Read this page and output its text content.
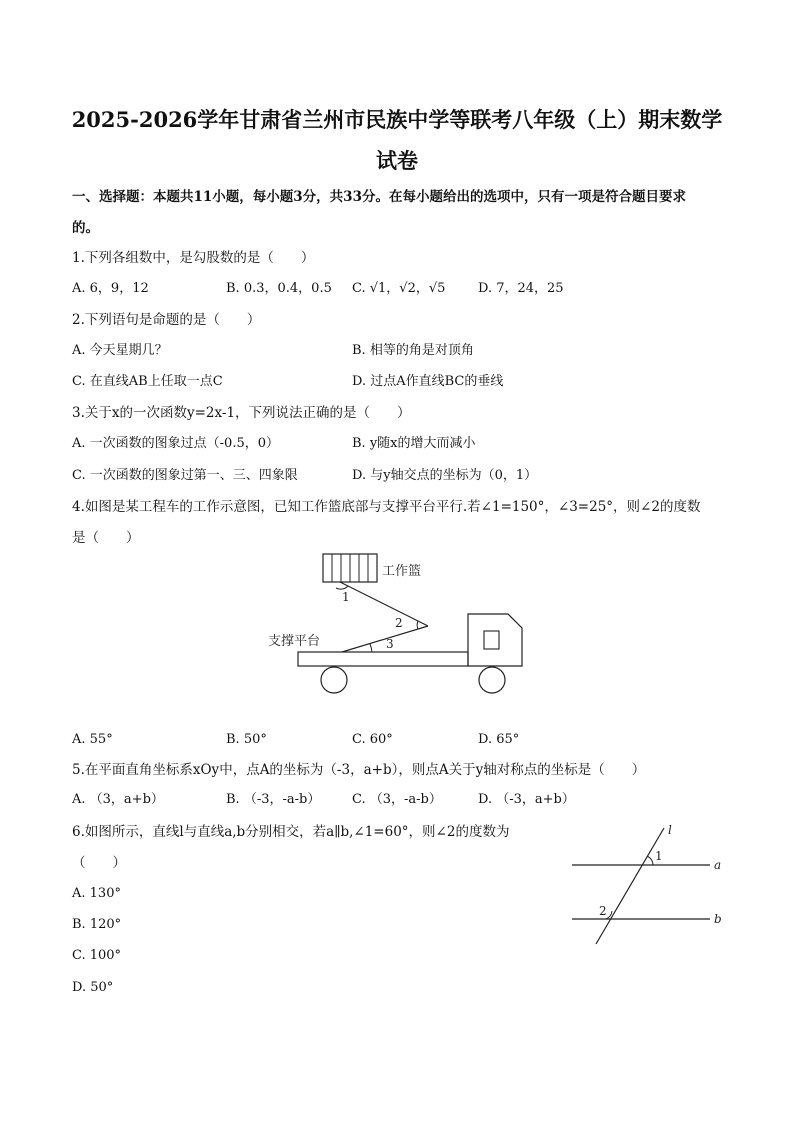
2025-2026学年甘肃省兰州市民族中学等联考八年级（上）期末数学
试卷
一、选择题：本题共11小题，每小题3分，共33分。在每小题给出的选项中，只有一项是符合题目要求
的。
1.下列各组数中，是勾股数的是（　　）
A. 6，9，12	B. 0.3，0.4，0.5 C. √1，√2，√5	D. 7，24，25
2.下列语句是命题的是（　　）
A. 今天星期几？	B. 相等的角是对顶角
C. 在直线AB上任取一点C	D. 过点A作直线BC的垂线
3.关于x的一次函数y=2x-1，下列说法正确的是（　　）
A. 一次函数的图象过点（-0.5，0）	B. y随x的增大而减小
C. 一次函数的图象过第一、三、四象限	D. 与y轴交点的坐标为（0，1）
4.如图是某工程车的工作示意图，已知工作篮底部与支撑平台平行.若∠1=150°，∠3=25°，则∠2的度数
是（　　）
工作篮
1
2
3
支撑平台
A. 55°	B. 50°	C. 60°	D. 65°
5.在平面直角坐标系xOy中，点A的坐标为（-3，a+b），则点A关于y轴对称点的坐标是（　　）
A. （3，a+b）	B. （-3，-a-b） C. （3，-a-b）	D. （-3，a+b）
6.如图所示，直线l与直线a,b分别相交，若a∥b,∠1=60°，则∠2的度数为
（　　）
A. 130°
B. 120°
C. 100°
D. 50°
a
b
l
1
2
